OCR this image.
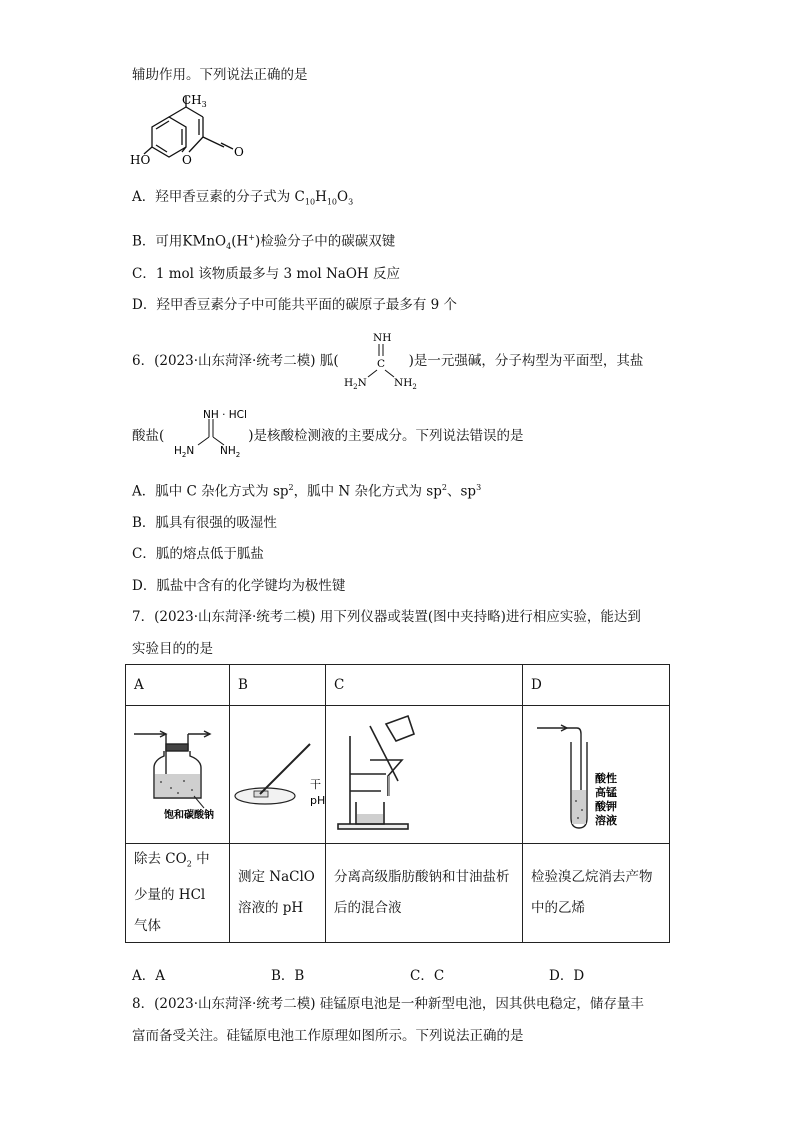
辅助作用。下列说法正确的是
$CH_3$
HO	O
O
A．羟甲香豆素的分子式为 $C_{10}H_{10}O_3$
B．可用KMnO$_4$(H+)检验分子中的碳碳双键
C．1 mol 该物质最多与 3 mol NaOH 反应
D．羟甲香豆素分子中可能共平面的碳原子最多有 9 个
6．(2023·山东菏泽·统考二模) 胍(	)是一元强碱，分子构型为平面型，其盐
NH
C
$H_2N$	$NH_2$
酸盐(	)是核酸检测液的主要成分。下列说法错误的是
NH · HCl
$H_2N$ $NH_2$
A．胍中 C 杂化方式为 $sp^2$，胍中 N 杂化方式为 $sp^2$、$sp^3$
B．胍具有很强的吸湿性
C．胍的熔点低于胍盐
D．胍盐中含有的化学键均为极性键
7．(2023·山东菏泽·统考二模) 用下列仪器或装置(图中夹持略)进行相应实验，能达到
实验目的的是
A	B	C	D

饱和碳酸钠	干
pH		酸性
高锰
酸钾
溶液

除去 $CO_2$ 中少量的 HCl 气体	测定 NaClO 溶液的 pH	分离高级脂肪酸钠和甘油盐析后的混合液	检验溴乙烷消去产物中的乙烯
A．A	B．B	C．C	D．D
8．(2023·山东菏泽·统考二模) 硅锰原电池是一种新型电池，因其供电稳定，储存量丰
富而备受关注。硅锰原电池工作原理如图所示。下列说法正确的是
